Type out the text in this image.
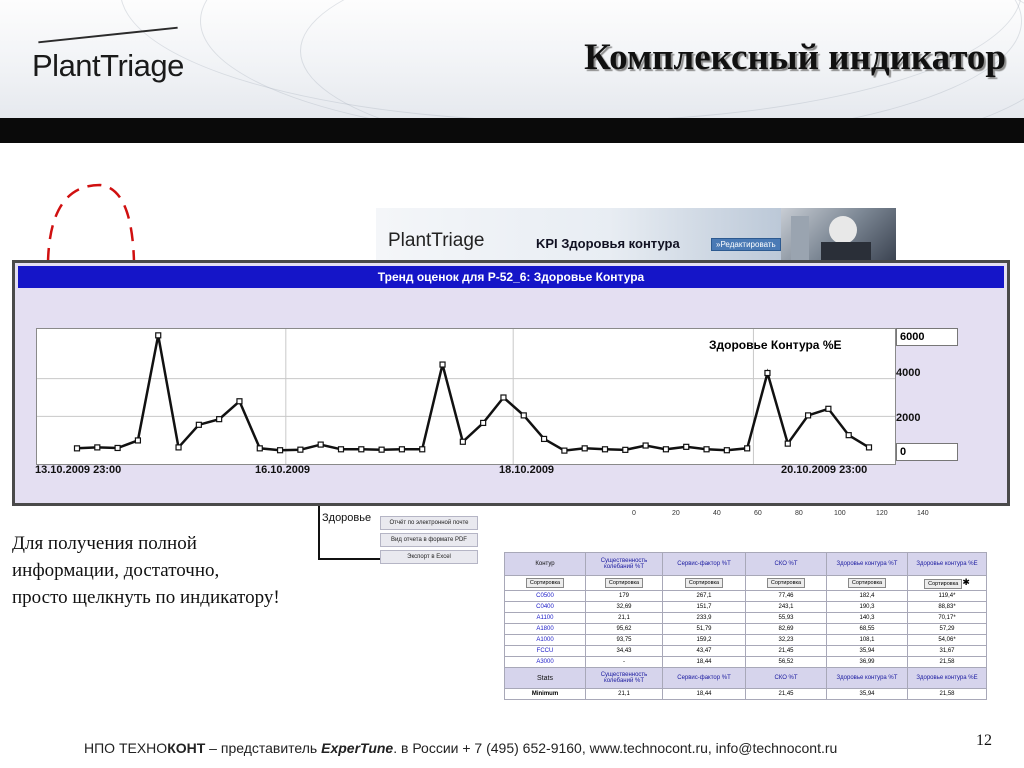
PlantTriage	Комплексный индикатор
PlantTriage	KPI Здоровья контура	»Редактировать
Тренд оценок для P-52_6: Здоровье Контура
Здоровье Контура %E
6000
4000
2000
0
13.10.2009 23:00	16.10.2009	18.10.2009	20.10.2009 23:00
Здоровье	Отчёт по электронной почте
Вид отчета в формате PDF
Экспорт в Excel
0	20	40	60	80	100	120	140
Для получения полной
информации, достаточно,
просто щелкнуть по индикатору!
Контур	Существенность колебаний %T	Сервис-фактор %T	СКО %T	Здоровье контура %T	Здоровье контура %E
Сортировка	Сортировка	Сортировка	Сортировка	Сортировка	Сортировка ✱
C0500	179	267,1	77,46	182,4	119,4*
C0400	32,69	151,7	243,1	190,3	88,83*
A1100	21,1	233,9	55,93	140,3	70,17*
A1800	95,62	51,79	82,69	68,55	57,29
A1000	93,75	159,2	32,23	108,1	54,06*
FCCU	34,43	43,47	21,45	35,94	31,67
A3000	-	18,44	56,52	36,99	21,58
Stats	Существенность колебаний %T	Сервис-фактор %T	СКО %T	Здоровье контура %T	Здоровье контура %E
Minimum	21,1	18,44	21,45	35,94	21,58
12
НПО ТЕХНОКОНТ – представитель ExperTune. в России + 7 (495) 652-9160, www.technocont.ru, info@technocont.ru
